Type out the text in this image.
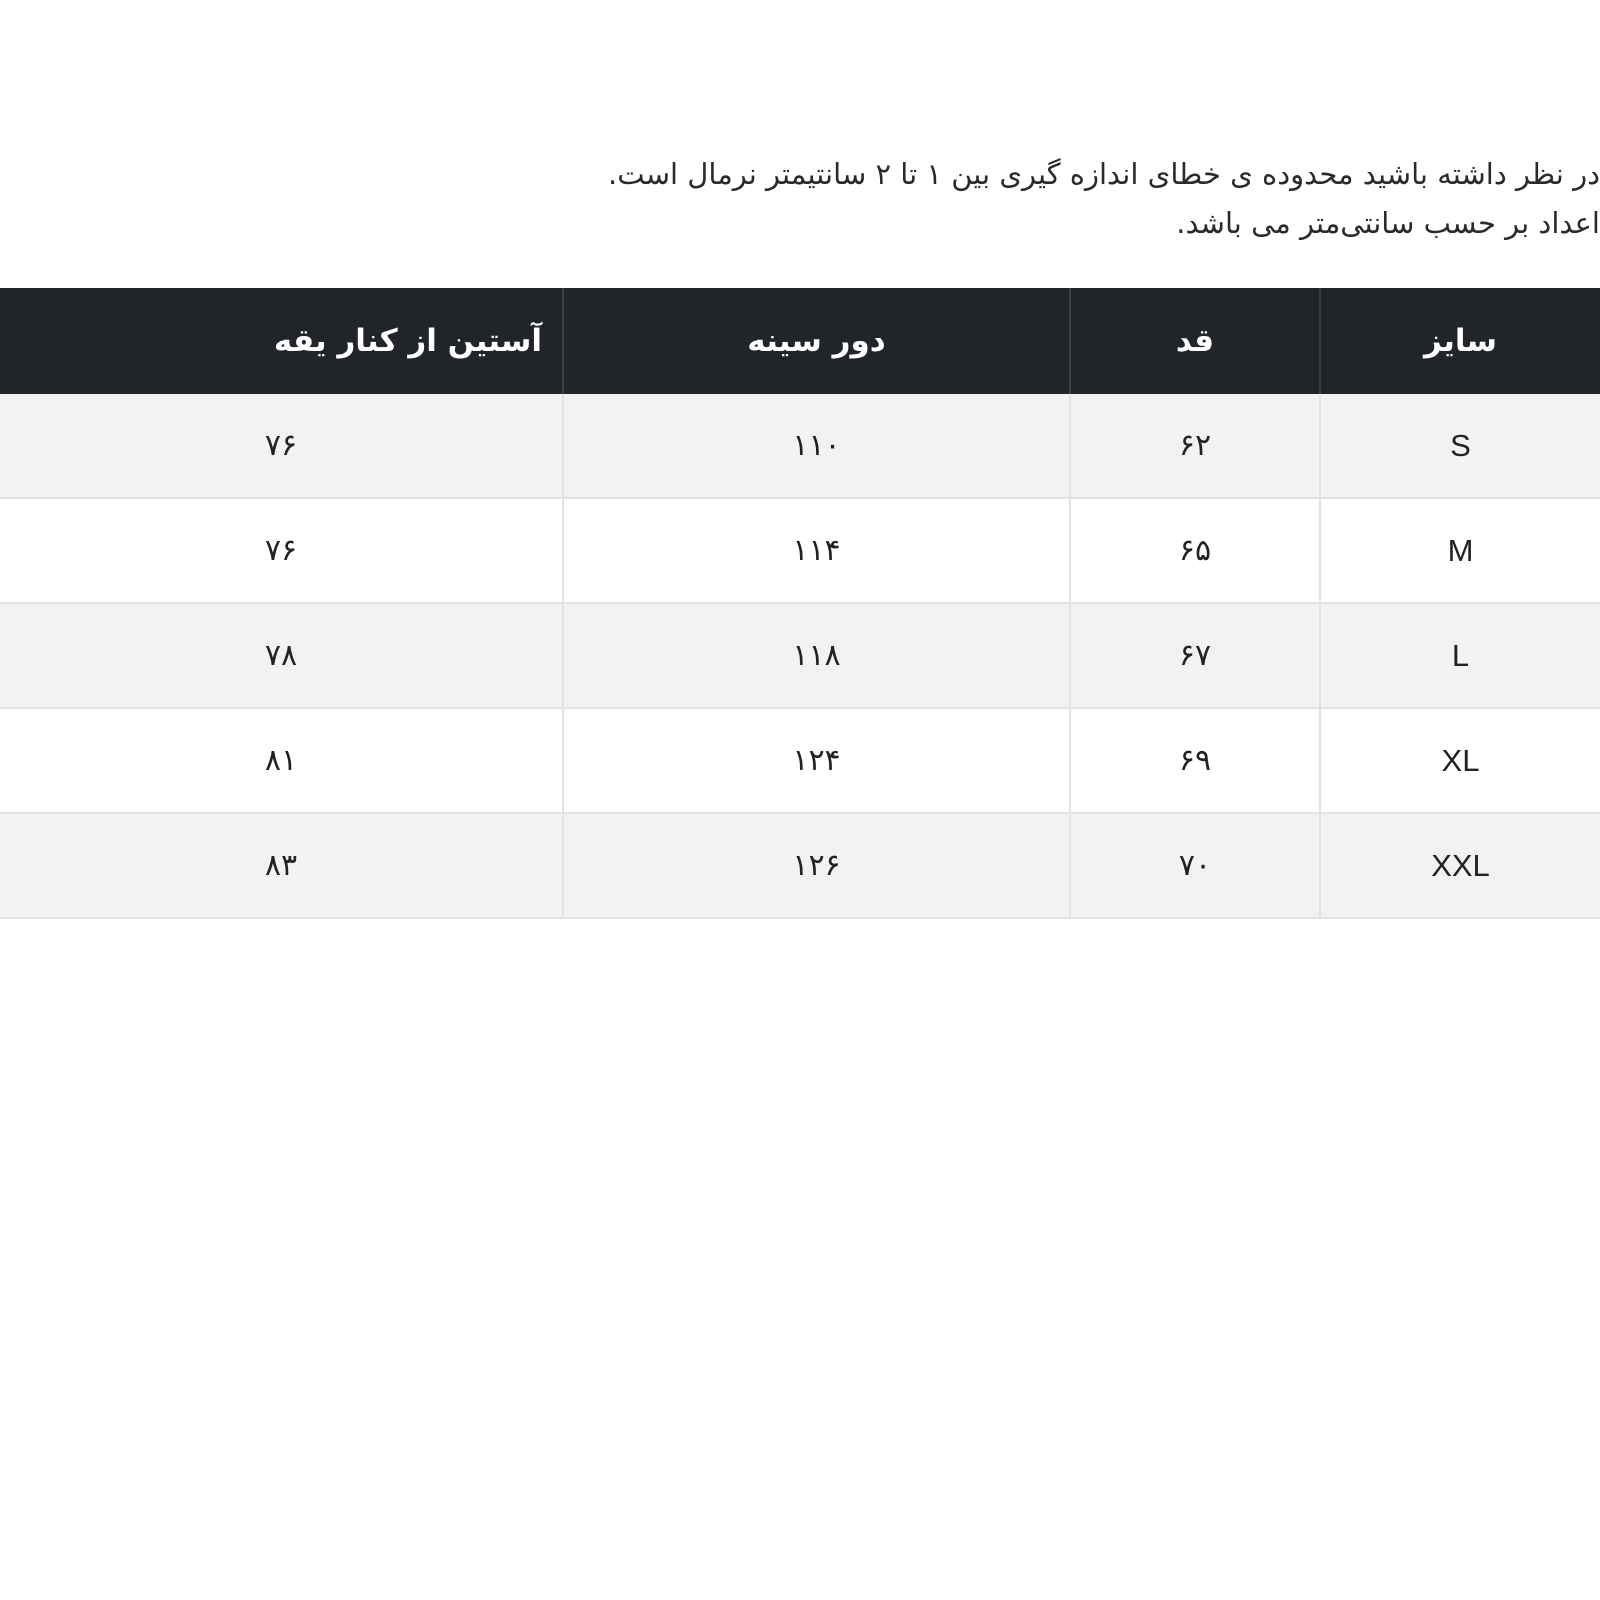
در نظر داشته باشید محدوده ی خطای اندازه گیری بین ۱ تا ۲ سانتیمتر نرمال است.

اعداد بر حسب سانتی‌متر می باشد.

سایز	قد	دور سینه	آستین از کنار یقه
S	۶۲	۱۱۰	۷۶
M	۶۵	۱۱۴	۷۶
L	۶۷	۱۱۸	۷۸
XL	۶۹	۱۲۴	۸۱
XXL	۷۰	۱۲۶	۸۳
